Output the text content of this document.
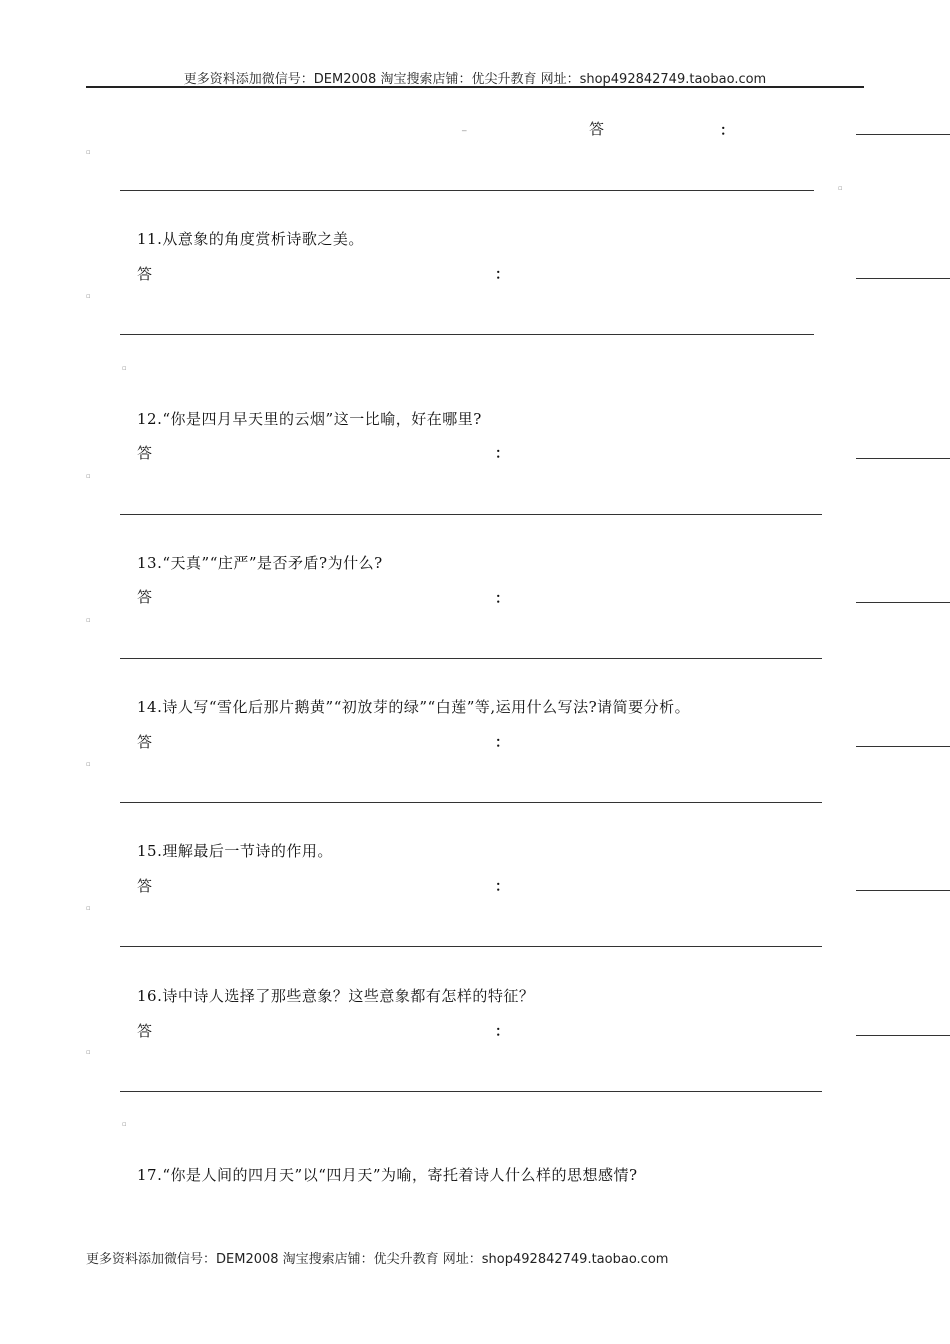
更多资料添加微信号：DEM2008 淘宝搜索店铺：优尖升教育 网址：shop492842749.taobao.com
_	答	：
▫
▫
11.从意象的角度赏析诗歌之美。
答	：
▫
▫
12.“你是四月早天里的云烟”这一比喻，好在哪里?
答	：
▫
13.“天真”“庄严”是否矛盾?为什么?
答	：
▫
14.诗人写“雪化后那片鹅黄”“初放芽的绿”“白莲”等,运用什么写法?请简要分析。
答	：
▫
15.理解最后一节诗的作用。
答	：
▫
16.诗中诗人选择了那些意象？这些意象都有怎样的特征？
答	：
▫
▫
17.“你是人间的四月天”以“四月天”为喻，寄托着诗人什么样的思想感情?
更多资料添加微信号：DEM2008 淘宝搜索店铺：优尖升教育 网址：shop492842749.taobao.com
